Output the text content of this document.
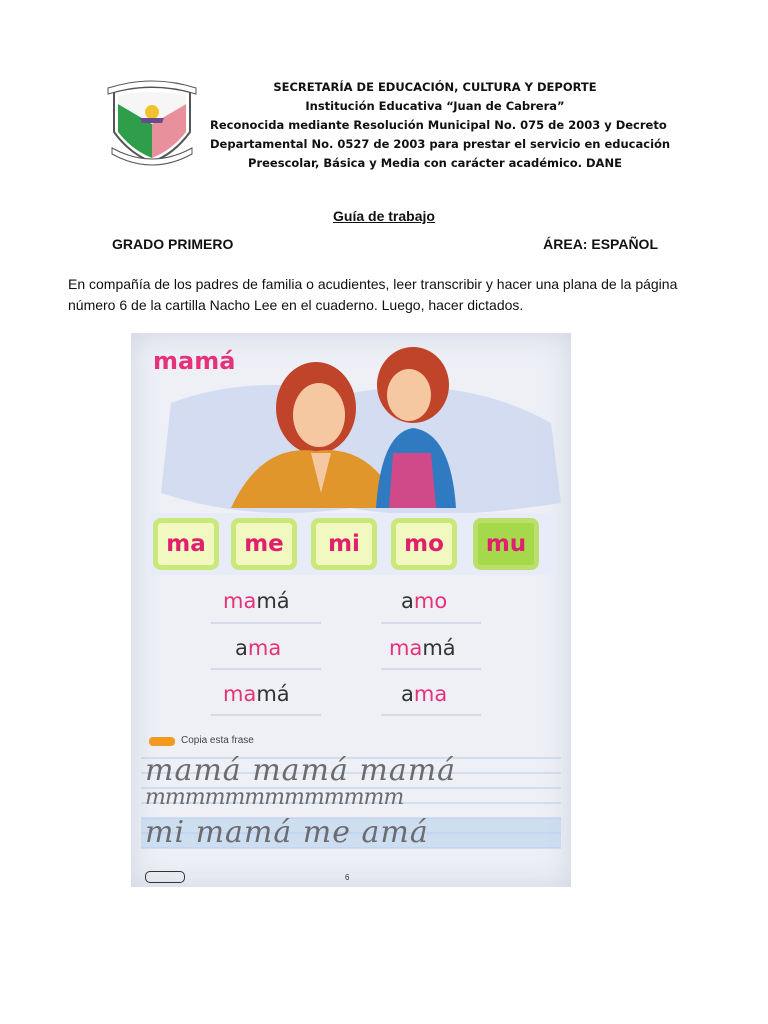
SECRETARÍA DE EDUCACIÓN, CULTURA Y DEPORTE
Institución Educativa “Juan de Cabrera”
Reconocida mediante Resolución Municipal No. 075 de 2003 y Decreto
Departamental No. 0527 de 2003 para prestar el servicio en educación
Preescolar, Básica y Media con carácter académico. DANE
Guía de trabajo
GRADO PRIMERO	ÁREA: ESPAÑOL
En compañía de los padres de familia o acudientes, leer transcribir y hacer una plana de la página número 6 de la cartilla Nacho Lee en el cuaderno. Luego, hacer dictados.
mamá
ma	me	mi	mo	mu
mamá	amo
ama	mamá
mamá	ama
Copia esta frase
mamá mamá mamá
mmmmmmmmmmmmm
mi mamá me amá
6
